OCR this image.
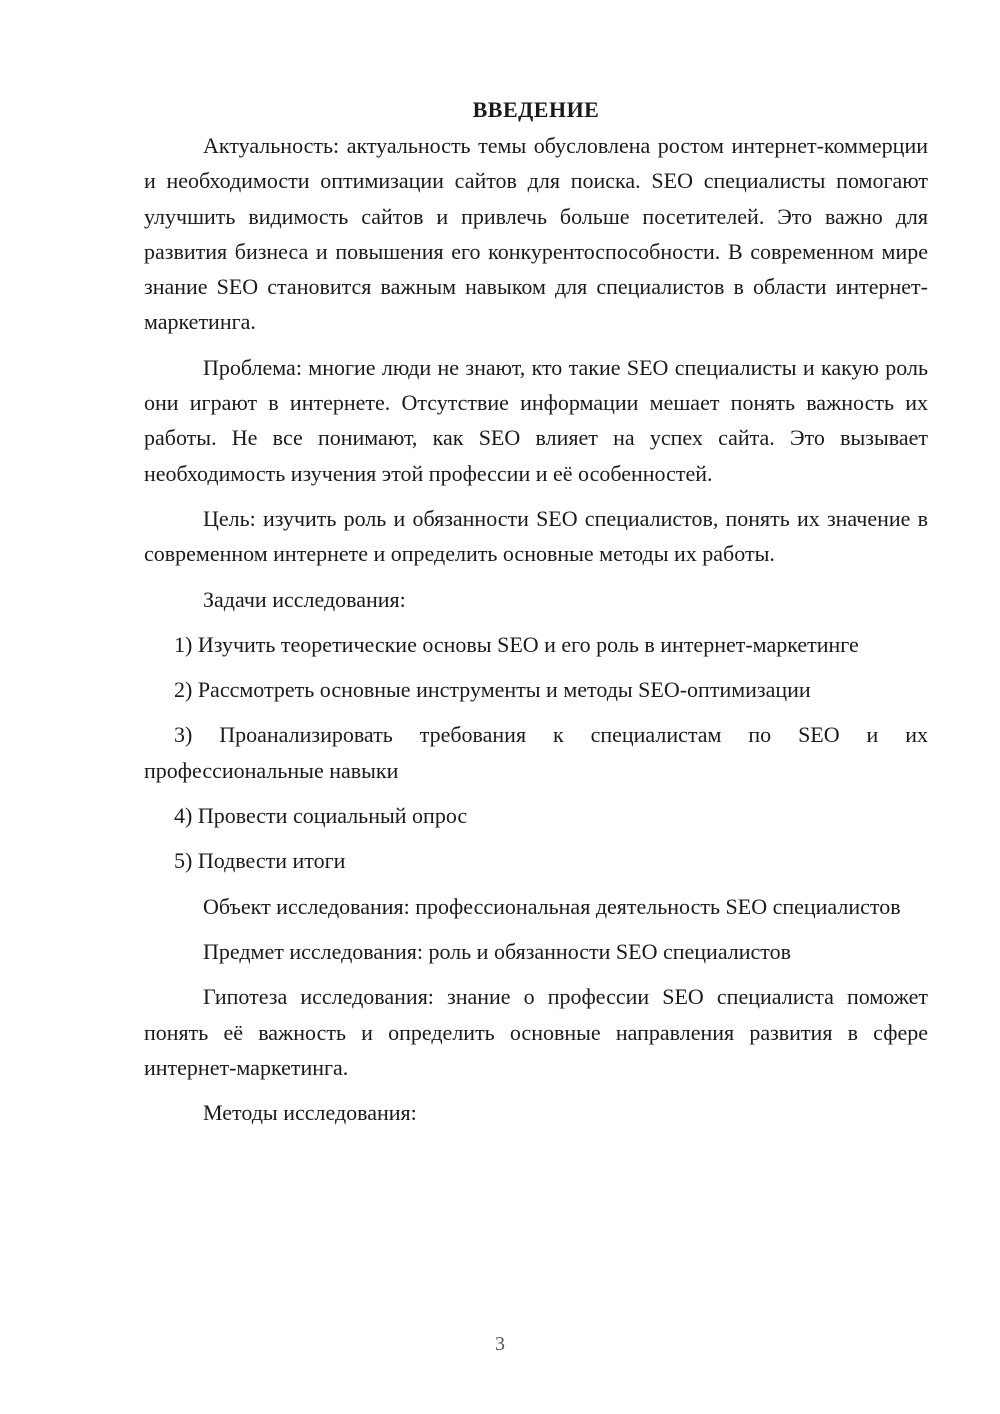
ВВЕДЕНИЕ

Актуальность: актуальность темы обусловлена ростом интернет-коммерции и необходимости оптимизации сайтов для поиска. SEO специалисты помогают улучшить видимость сайтов и привлечь больше посетителей. Это важно для развития бизнеса и повышения его конкурентоспособности. В современном мире знание SEO становится важным навыком для специалистов в области интернет-маркетинга.

Проблема: многие люди не знают, кто такие SEO специалисты и какую роль они играют в интернете. Отсутствие информации мешает понять важность их работы. Не все понимают, как SEO влияет на успех сайта. Это вызывает необходимость изучения этой профессии и её особенностей.

Цель: изучить роль и обязанности SEO специалистов, понять их значение в современном интернете и определить основные методы их работы.

Задачи исследования:

1) Изучить теоретические основы SEO и его роль в интернет-маркетинге

2) Рассмотреть основные инструменты и методы SEO-оптимизации

3) Проанализировать требования к специалистам по SEO и их профессиональные навыки

4) Провести социальный опрос

5) Подвести итоги

Объект исследования: профессиональная деятельность SEO специалистов

Предмет исследования: роль и обязанности SEO специалистов

Гипотеза исследования: знание о профессии SEO специалиста поможет понять её важность и определить основные направления развития в сфере интернет-маркетинга.

Методы исследования:

3
